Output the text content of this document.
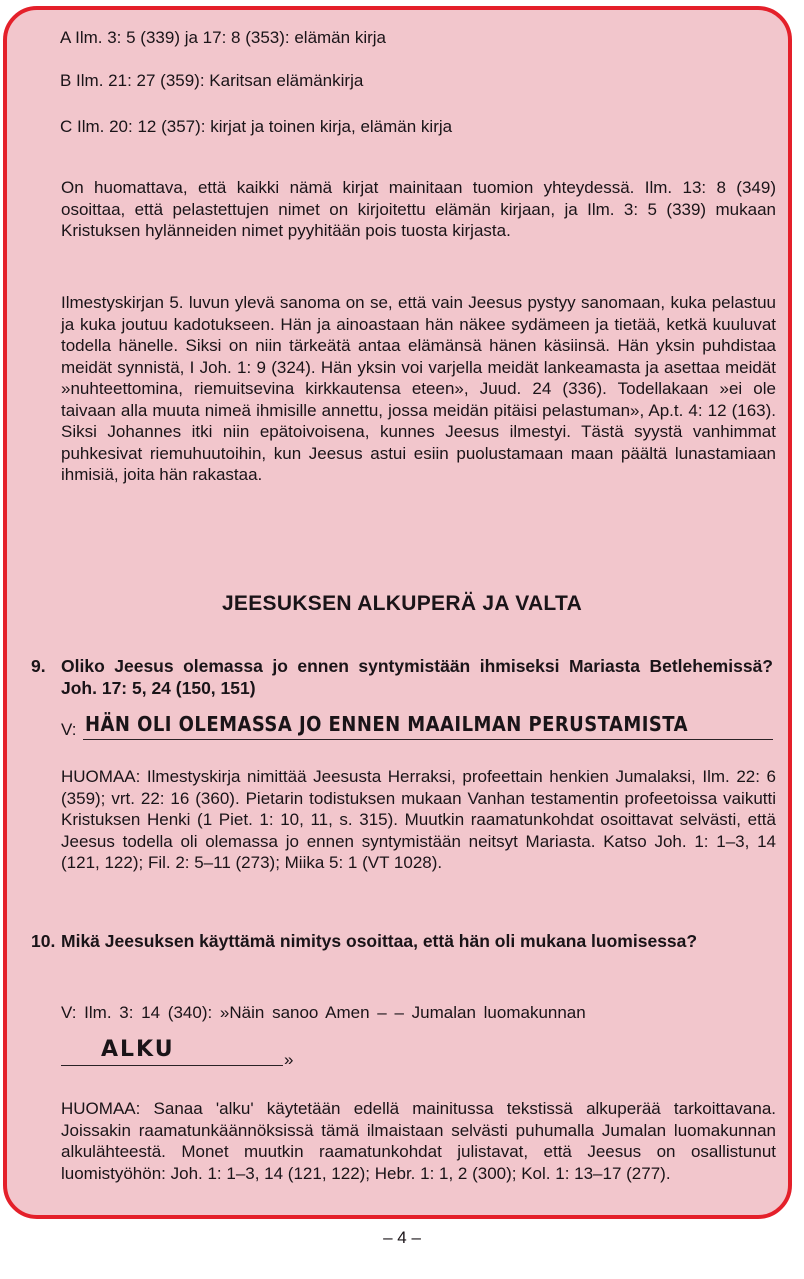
A Ilm. 3: 5 (339) ja 17: 8 (353): elämän kirja

B Ilm. 21: 27 (359): Karitsan elämänkirja

C Ilm. 20: 12 (357): kirjat ja toinen kirja, elämän kirja

On huomattava, että kaikki nämä kirjat mainitaan tuomion yhteydessä. Ilm. 13: 8 (349) osoittaa, että pelastettujen nimet on kirjoitettu elämän kirjaan, ja Ilm. 3: 5 (339) mukaan Kristuksen hylänneiden nimet pyyhitään pois tuosta kirjasta.

Ilmestyskirjan 5. luvun ylevä sanoma on se, että vain Jeesus pystyy sanomaan, kuka pelastuu ja kuka joutuu kadotukseen. Hän ja ainoastaan hän näkee sydämeen ja tietää, ketkä kuuluvat todella hänelle. Siksi on niin tärkeätä antaa elämänsä hänen käsiinsä. Hän yksin puhdistaa meidät synnistä, I Joh. 1: 9 (324). Hän yksin voi varjella meidät lankeamasta ja asettaa meidät »nuhteettomina, riemuitsevina kirkkautensa eteen», Juud. 24 (336). Todellakaan »ei ole taivaan alla muuta nimeä ihmisille annettu, jossa meidän pitäisi pelastuman», Ap.t. 4: 12 (163). Siksi Johannes itki niin epätoivoisena, kunnes Jeesus ilmestyi. Tästä syystä vanhimmat puhkesivat riemuhuutoihin, kun Jeesus astui esiin puolustamaan maan päältä lunastamiaan ihmisiä, joita hän rakastaa.

JEESUKSEN ALKUPERÄ JA VALTA
9. Oliko Jeesus olemassa jo ennen syntymistään ihmiseksi Mariasta Betlehemissä? Joh. 17: 5, 24 (150, 151)
V: HÄN OLI OLEMASSA JO ENNEN MAAILMAN PERUSTAMISTA

HUOMAA: Ilmestyskirja nimittää Jeesusta Herraksi, profeettain henkien Jumalaksi, Ilm. 22: 6 (359); vrt. 22: 16 (360). Pietarin todistuksen mukaan Vanhan testamentin profeetoissa vaikutti Kristuksen Henki (1 Piet. 1: 10, 11, s. 315). Muutkin raamatunkohdat osoittavat selvästi, että Jeesus todella oli olemassa jo ennen syntymistään neitsyt Mariasta. Katso Joh. 1: 1–3, 14 (121, 122); Fil. 2: 5–11 (273); Miika 5: 1 (VT 1028).

10. Mikä Jeesuksen käyttämä nimitys osoittaa, että hän oli mukana luomisessa?

V: Ilm. 3: 14 (340): »Näin sanoo Amen – – Jumalan luomakunnan

ALKU	»

HUOMAA: Sanaa 'alku' käytetään edellä mainitussa tekstissä alkuperää tarkoittavana. Joissakin raamatunkäännöksissä tämä ilmaistaan selvästi puhumalla Jumalan luomakunnan alkulähteestä. Monet muutkin raamatunkohdat julistavat, että Jeesus on osallistunut luomistyöhön: Joh. 1: 1–3, 14 (121, 122); Hebr. 1: 1, 2 (300); Kol. 1: 13–17 (277).

– 4 –
